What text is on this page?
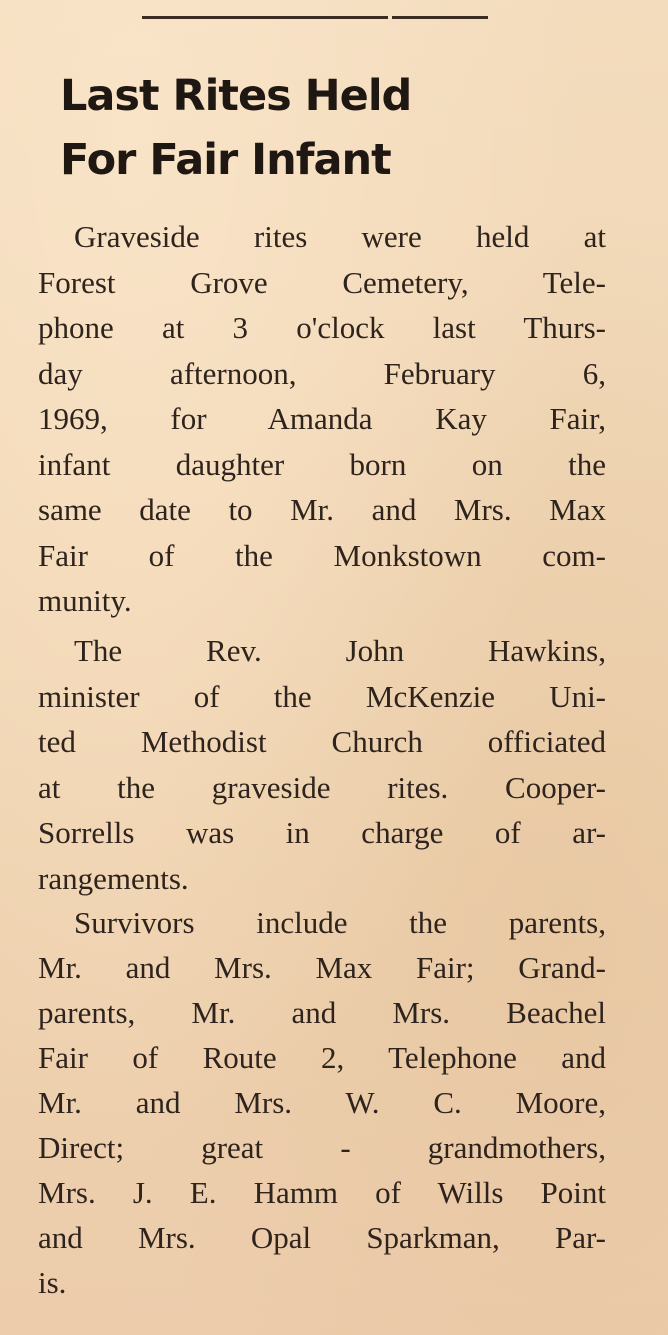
Last Rites Held
For Fair Infant
Graveside rites were held at
Forest Grove Cemetery, Tele-
phone at 3 o'clock last Thurs-
day afternoon, February 6,
1969, for Amanda Kay Fair,
infant daughter born on the
same date to Mr. and Mrs. Max
Fair of the Monkstown com-
munity.
The Rev. John Hawkins,
minister of the McKenzie Uni-
ted Methodist Church officiated
at the graveside rites. Cooper-
Sorrells was in charge of ar-
rangements.
Survivors include the parents,
Mr. and Mrs. Max Fair; Grand-
parents, Mr. and Mrs. Beachel
Fair of Route 2, Telephone and
Mr. and Mrs. W. C. Moore,
Direct; great - grandmothers,
Mrs. J. E. Hamm of Wills Point
and Mrs. Opal Sparkman, Par-
is.
